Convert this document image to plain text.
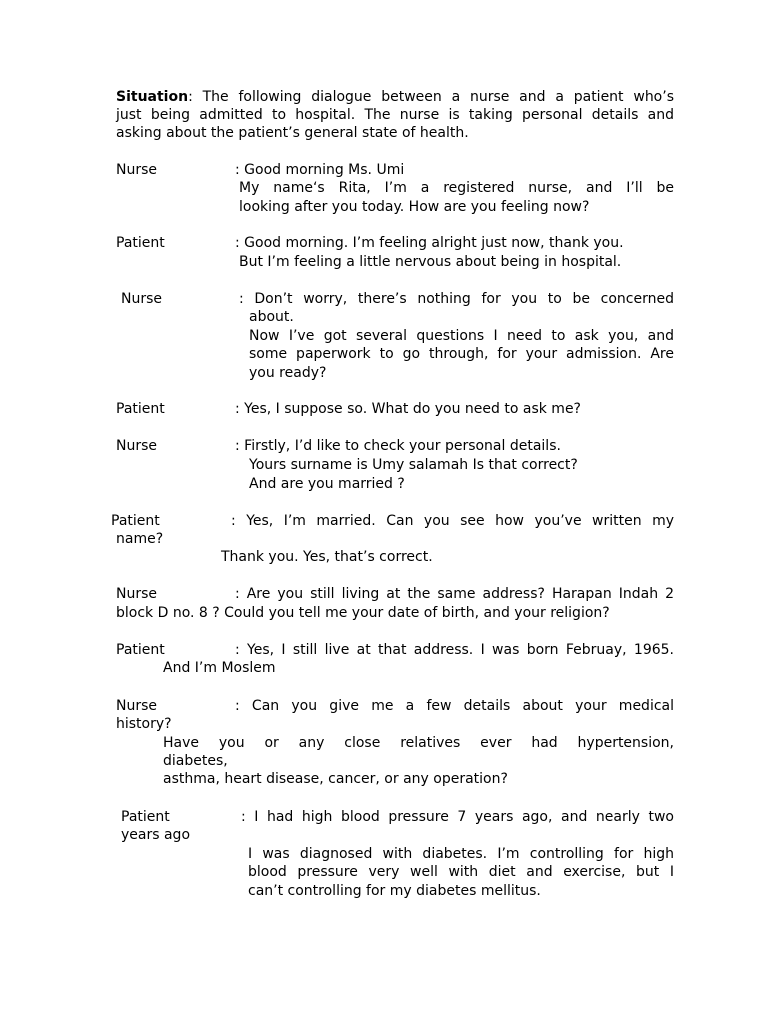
Situation: The following dialogue between a nurse and a patient who’s
just being admitted to hospital. The nurse is taking personal details and
asking about the patient’s general state of health.
Nurse	: Good morning Ms. Umi
My name‘s Rita, I’m a registered nurse, and I’ll be
looking after you today. How are you feeling now?
Patient	: Good morning. I’m feeling alright just now, thank you.
But I’m feeling a little nervous about being in hospital.
Nurse	: Don’t worry, there’s nothing for you to be concerned
about.
Now I’ve got several questions I need to ask you, and
some paperwork to go through, for your admission. Are
you ready?
Patient	: Yes, I suppose so. What do you need to ask me?
Nurse	: Firstly, I’d like to check your personal details.
Yours surname is Umy salamah Is that correct?
And are you married ?
Patient	: Yes, I’m married. Can you see how you’ve written my
name?
Thank you. Yes, that’s correct.
Nurse	: Are you still living at the same address? Harapan Indah 2
block D no. 8 ? Could you tell me your date of birth, and your religion?
Patient	: Yes, I still live at that address. I was born Februay, 1965.
And I’m Moslem
Nurse	: Can you give me a few details about your medical
history?
Have you or any close relatives ever had hypertension,
diabetes,
asthma, heart disease, cancer, or any operation?
Patient	: I had high blood pressure 7 years ago, and nearly two
years ago
I was diagnosed with diabetes. I’m controlling for high
blood pressure very well with diet and exercise, but I
can’t controlling for my diabetes mellitus.
